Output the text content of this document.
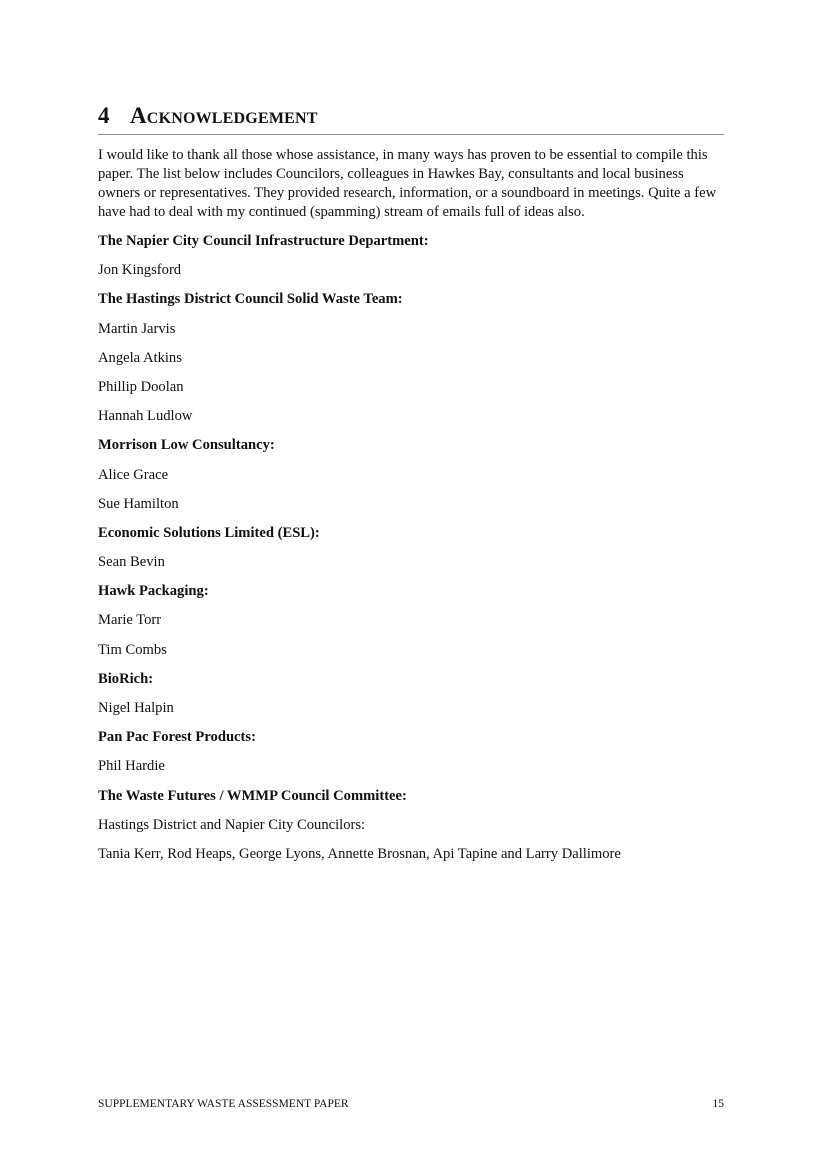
4 Acknowledgement

I would like to thank all those whose assistance, in many ways has proven to be essential to compile this paper. The list below includes Councilors, colleagues in Hawkes Bay, consultants and local business owners or representatives. They provided research, information, or a soundboard in meetings. Quite a few have had to deal with my continued (spamming) stream of emails full of ideas also.

The Napier City Council Infrastructure Department:

Jon Kingsford

The Hastings District Council Solid Waste Team:

Martin Jarvis

Angela Atkins

Phillip Doolan

Hannah Ludlow

Morrison Low Consultancy:

Alice Grace

Sue Hamilton

Economic Solutions Limited (ESL):

Sean Bevin

Hawk Packaging:

Marie Torr

Tim Combs

BioRich:

Nigel Halpin

Pan Pac Forest Products:

Phil Hardie

The Waste Futures / WMMP Council Committee:

Hastings District and Napier City Councilors:

Tania Kerr, Rod Heaps, George Lyons, Annette Brosnan, Api Tapine and Larry Dallimore

SUPPLEMENTARY WASTE ASSESSMENT PAPER	15
